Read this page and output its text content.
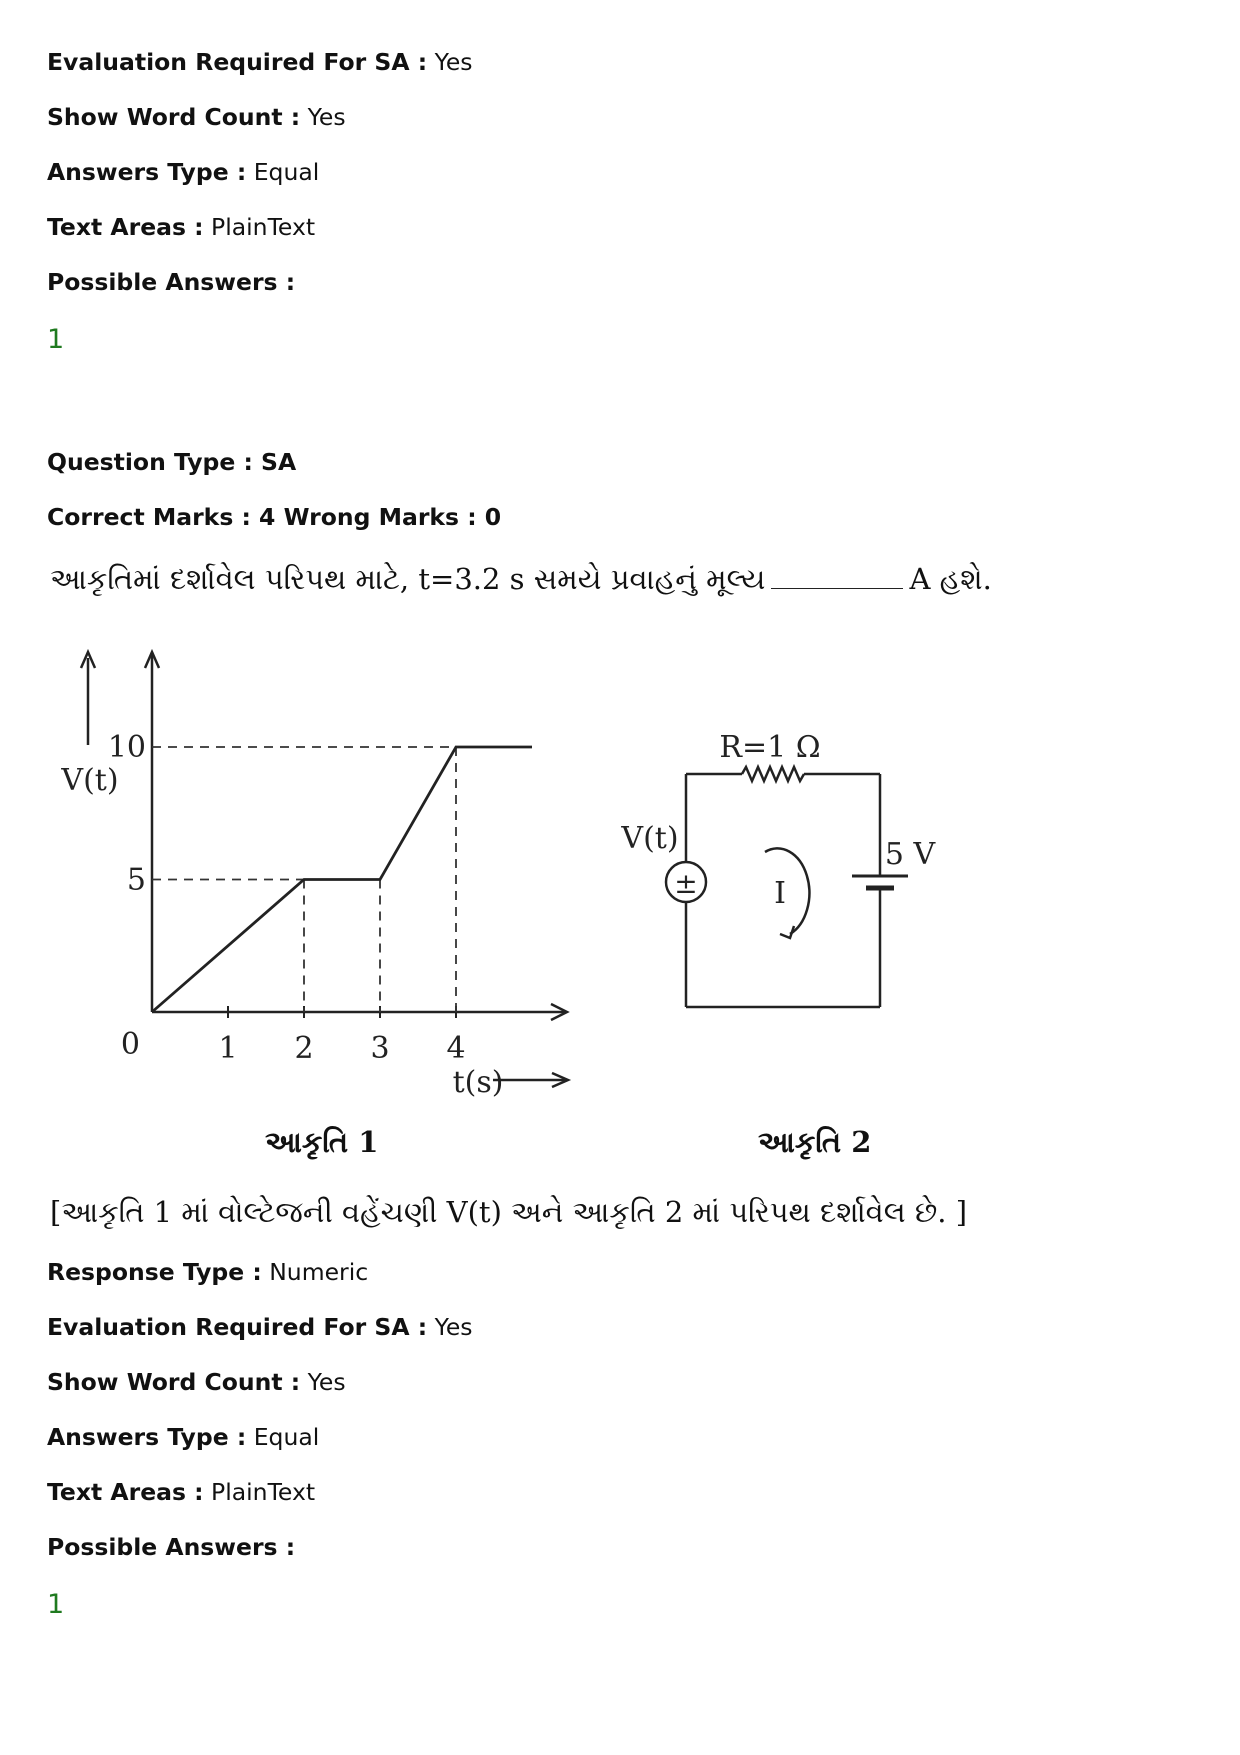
Evaluation Required For SA : Yes
Show Word Count : Yes
Answers Type : Equal
Text Areas : PlainText
Possible Answers :
1
Question Type : SA
Correct Marks : 4 Wrong Marks : 0
આકૃતિમાં દર્શાવેલ પરિપથ માટે, t=3.2 s સમયે પ્રવાહનું મૂલ્ય	A હશે.
1 2 3 4
0
5
10
V(t)
t(s)
આકૃતિ 1
R=1 Ω
V(t)
±
5 V
I
આકૃતિ 2
[આકૃતિ 1 માં વોલ્ટેજની વહેંચણી V(t) અને આકૃતિ 2 માં પરિપથ દર્શાવેલ છે. ]
Response Type : Numeric
Evaluation Required For SA : Yes
Show Word Count : Yes
Answers Type : Equal
Text Areas : PlainText
Possible Answers :
1
